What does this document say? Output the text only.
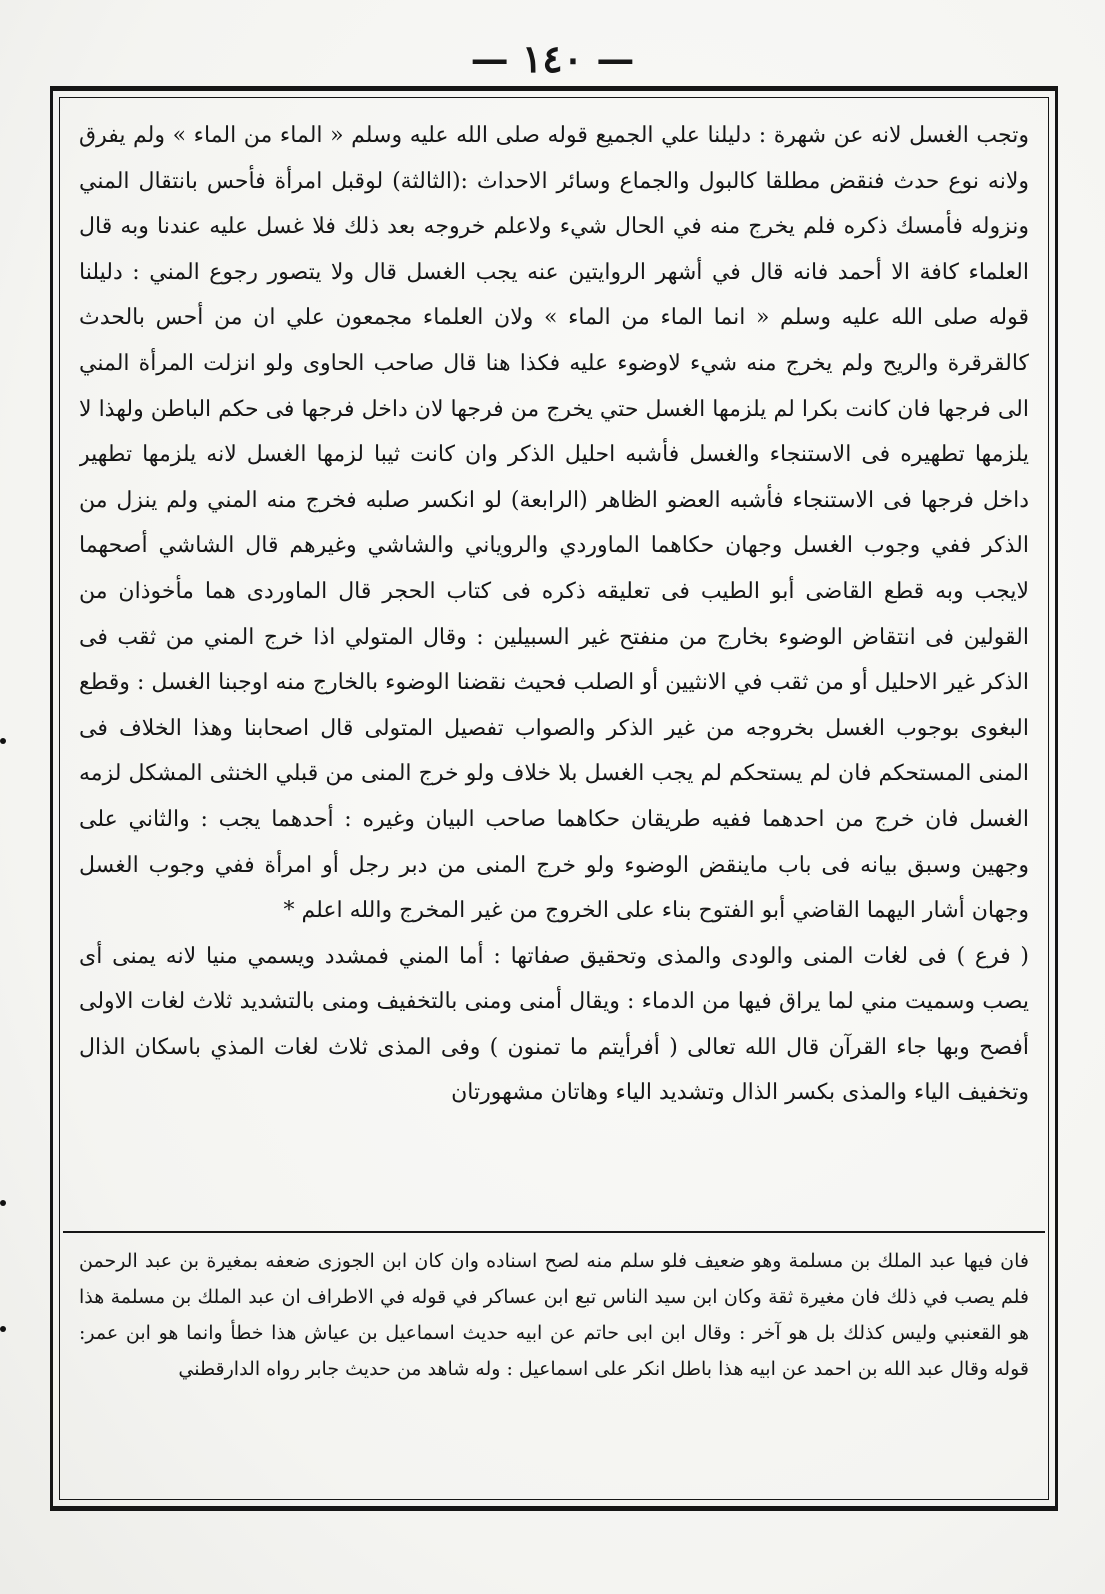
— ١٤٠ —

وتجب الغسل لانه عن شهرة : دليلنا علي الجميع قوله صلى الله عليه وسلم « الماء من الماء » ولم يفرق ولانه نوع حدث فنقض مطلقا كالبول والجماع وسائر الاحداث :(الثالثة) لوقبل امرأة فأحس بانتقال المني ونزوله فأمسك ذكره فلم يخرج منه في الحال شيء ولاعلم خروجه بعد ذلك فلا غسل عليه عندنا وبه قال العلماء كافة الا أحمد فانه قال في أشهر الروايتين عنه يجب الغسل قال ولا يتصور رجوع المني : دليلنا قوله صلى الله عليه وسلم « انما الماء من الماء » ولان العلماء مجمعون علي ان من أحس بالحدث كالقرقرة والريح ولم يخرج منه شيء لاوضوء عليه فكذا هنا قال صاحب الحاوى ولو انزلت المرأة المني الى فرجها فان كانت بكرا لم يلزمها الغسل حتي يخرج من فرجها لان داخل فرجها فى حكم الباطن ولهذا لا يلزمها تطهيره فى الاستنجاء والغسل فأشبه احليل الذكر وان كانت ثيبا لزمها الغسل لانه يلزمها تطهير داخل فرجها فى الاستنجاء فأشبه العضو الظاهر (الرابعة) لو انكسر صلبه فخرج منه المني ولم ينزل من الذكر ففي وجوب الغسل وجهان حكاهما الماوردي والروياني والشاشي وغيرهم قال الشاشي أصحهما لايجب وبه قطع القاضى أبو الطيب فى تعليقه ذكره فى كتاب الحجر قال الماوردى هما مأخوذان من القولين فى انتقاض الوضوء بخارج من منفتح غير السبيلين : وقال المتولي اذا خرج المني من ثقب فى الذكر غير الاحليل أو من ثقب في الانثيين أو الصلب فحيث نقضنا الوضوء بالخارج منه اوجبنا الغسل : وقطع البغوى بوجوب الغسل بخروجه من غير الذكر والصواب تفصيل المتولى قال اصحابنا وهذا الخلاف فى المنى المستحكم فان لم يستحكم لم يجب الغسل بلا خلاف ولو خرج المنى من قبلي الخنثى المشكل لزمه الغسل فان خرج من احدهما ففيه طريقان حكاهما صاحب البيان وغيره : أحدهما يجب : والثاني على وجهين وسبق بيانه فى باب ماينقض الوضوء ولو خرج المنى من دبر رجل أو امرأة ففي وجوب الغسل وجهان أشار اليهما القاضي أبو الفتوح بناء على الخروج من غير المخرج والله اعلم *

( فرع ) فى لغات المنى والودى والمذى وتحقيق صفاتها : أما المني فمشدد ويسمي منيا لانه يمنى أى يصب وسميت مني لما يراق فيها من الدماء : ويقال أمنى ومنى بالتخفيف ومنى بالتشديد ثلاث لغات الاولى أفصح وبها جاء القرآن قال الله تعالى ( أفرأيتم ما تمنون ) وفى المذى ثلاث لغات المذي باسكان الذال وتخفيف الياء والمذى بكسر الذال وتشديد الياء وهاتان مشهورتان

فان فيها عبد الملك بن مسلمة وهو ضعيف فلو سلم منه لصح اسناده وان كان ابن الجوزى ضعفه بمغيرة بن عبد الرحمن فلم يصب في ذلك فان مغيرة ثقة وكان ابن سيد الناس تبع ابن عساكر في قوله في الاطراف ان عبد الملك بن مسلمة هذا هو القعنبي وليس كذلك بل هو آخر : وقال ابن ابى حاتم عن ابيه حديث اسماعيل بن عياش هذا خطأ وانما هو ابن عمر: قوله وقال عبد الله بن احمد عن ابيه هذا باطل انكر على اسماعيل : وله شاهد من حديث جابر رواه الدارقطني
